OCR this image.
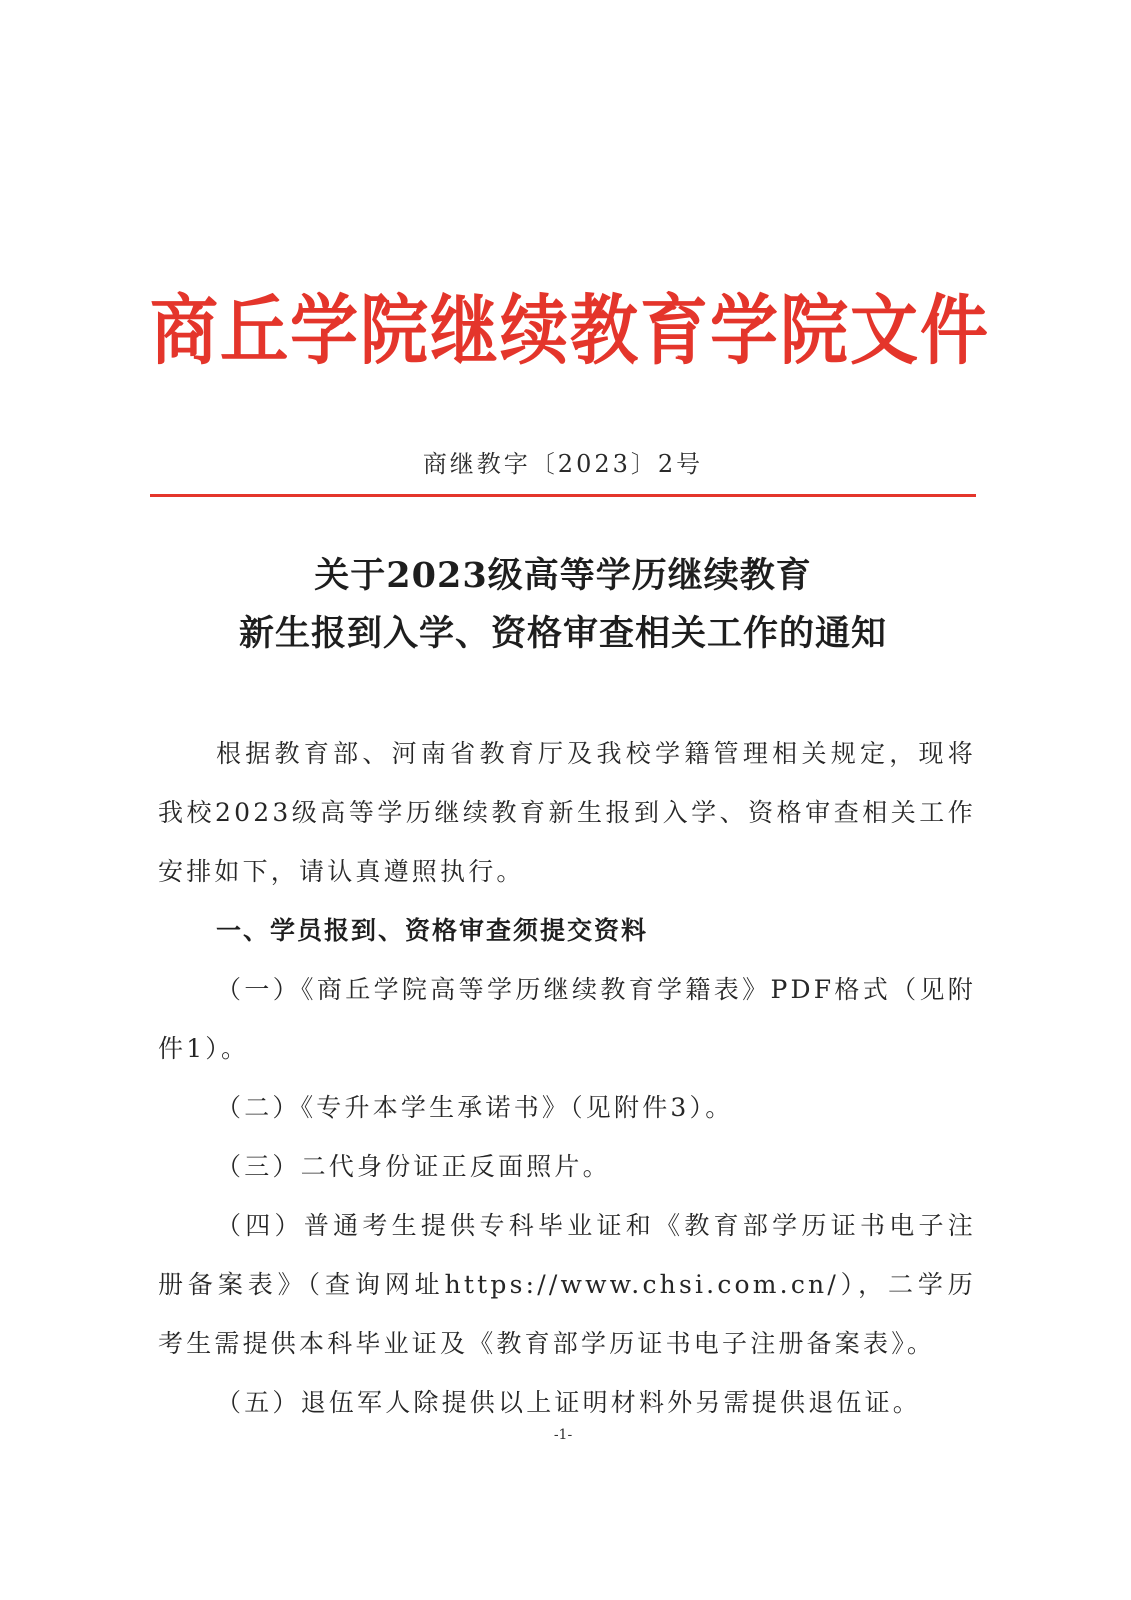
商丘学院继续教育学院文件
商继教字〔2023〕2号
关于2023级高等学历继续教育
新生报到入学、资格审查相关工作的通知

根据教育部、河南省教育厅及我校学籍管理相关规定，现将我校2023级高等学历继续教育新生报到入学、资格审查相关工作安排如下，请认真遵照执行。

一、学员报到、资格审查须提交资料

（一）《商丘学院高等学历继续教育学籍表》PDF格式（见附件1）。

（二）《专升本学生承诺书》（见附件3）。

（三）二代身份证正反面照片。

（四）普通考生提供专科毕业证和《教育部学历证书电子注册备案表》（查询网址https://www.chsi.com.cn/），二学历考生需提供本科毕业证及《教育部学历证书电子注册备案表》。

（五）退伍军人除提供以上证明材料外另需提供退伍证。

-1-
